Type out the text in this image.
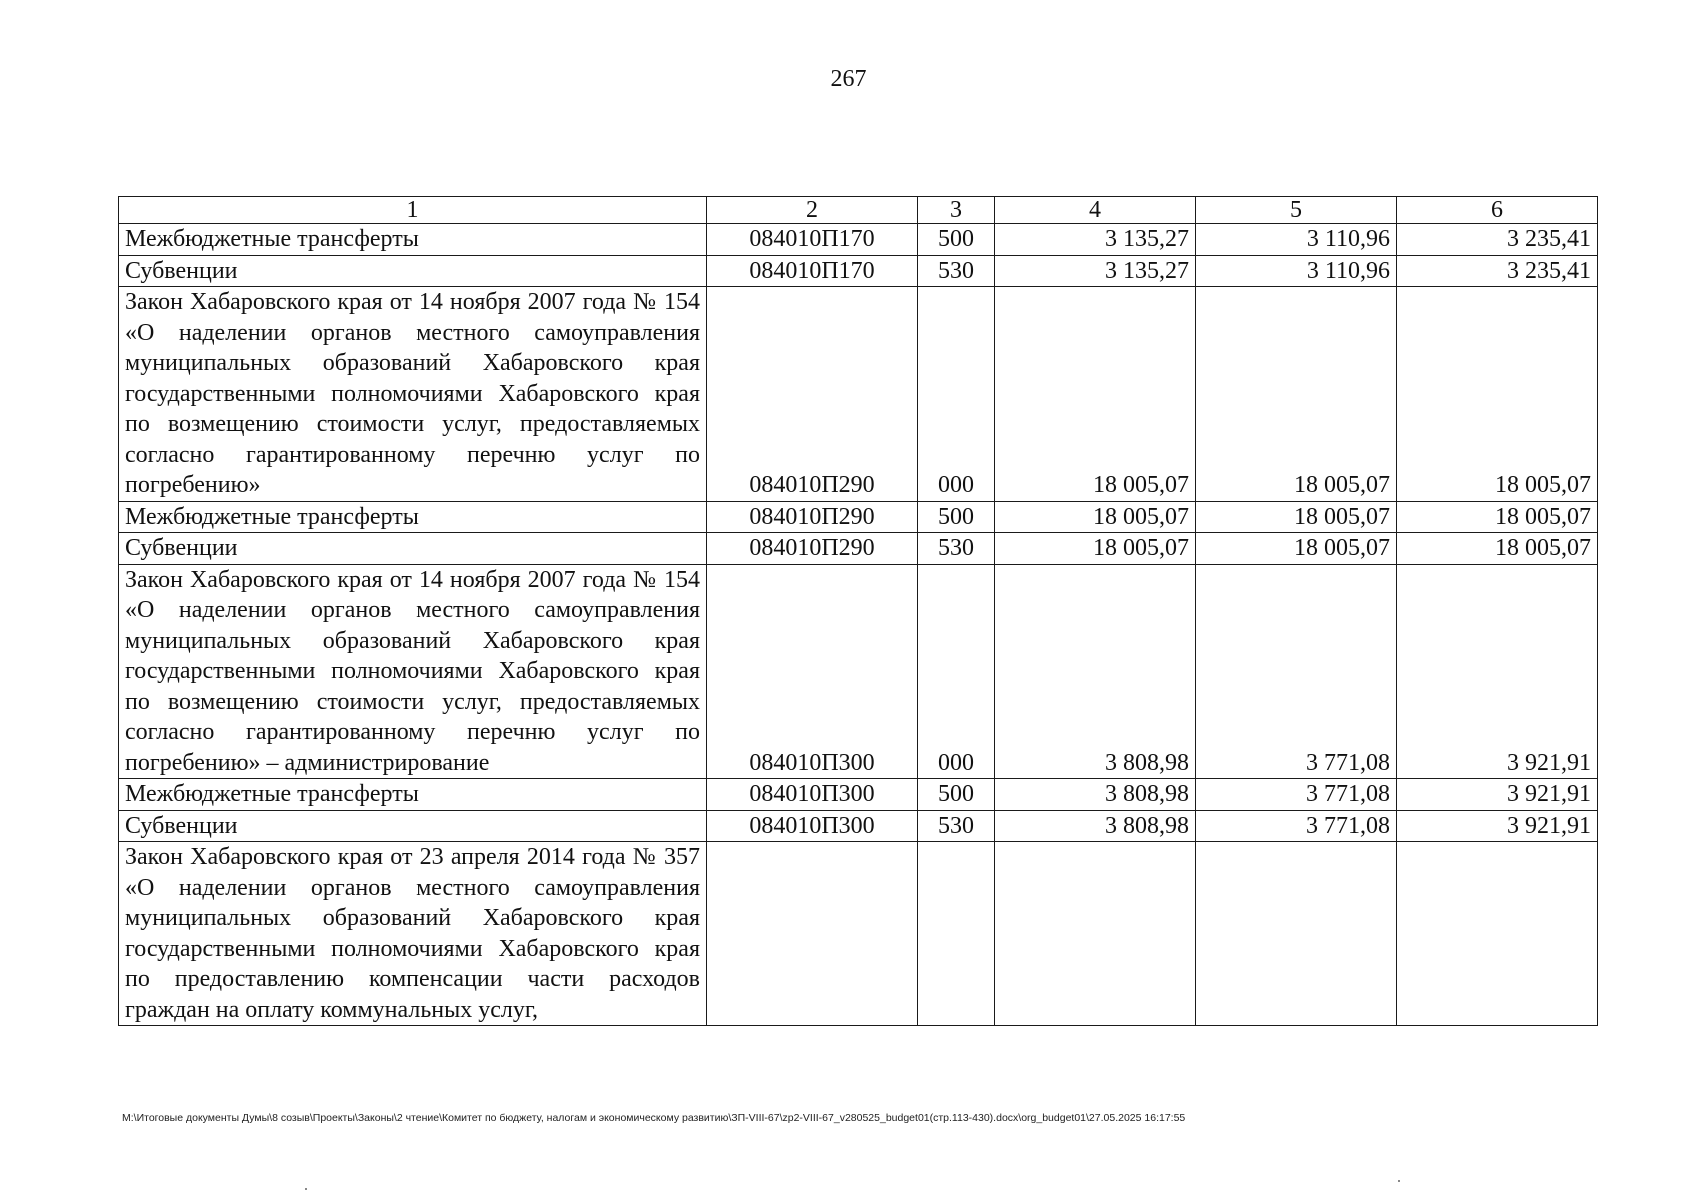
267
1	2	3	4	5	6
Межбюджетные трансферты	084010П170	500	3 135,27	3 110,96	3 235,41
Субвенции	084010П170	530	3 135,27	3 110,96	3 235,41
Закон Хабаровского края от 14 ноября 2007 года № 154 «О наделении органов местного самоуправления муниципальных образований Хабаровского края государственными полномочиями Хабаровского края по возмещению стоимости услуг, предоставляемых согласно гарантированному перечню услуг по погребению»	084010П290	000	18 005,07	18 005,07	18 005,07
Межбюджетные трансферты	084010П290	500	18 005,07	18 005,07	18 005,07
Субвенции	084010П290	530	18 005,07	18 005,07	18 005,07
Закон Хабаровского края от 14 ноября 2007 года № 154 «О наделении органов местного самоуправления муниципальных образований Хабаровского края государственными полномочиями Хабаровского края по возмещению стоимости услуг, предоставляемых согласно гарантированному перечню услуг по погребению» – администрирование	084010П300	000	3 808,98	3 771,08	3 921,91
Межбюджетные трансферты	084010П300	500	3 808,98	3 771,08	3 921,91
Субвенции	084010П300	530	3 808,98	3 771,08	3 921,91
Закон Хабаровского края от 23 апреля 2014 года № 357 «О наделении органов местного самоуправления муниципальных образований Хабаровского края государственными полномочиями Хабаровского края по предоставлению компенсации части расходов граждан на оплату коммунальных услуг,					
М:\Итоговые документы Думы\8 созыв\Проекты\Законы\2 чтение\Комитет по бюджету, налогам и экономическому развитию\ЗП-VIII-67\zp2-VIII-67_v280525_budget01(стр.113-430).docx\org_budget01\27.05.2025 16:17:55
